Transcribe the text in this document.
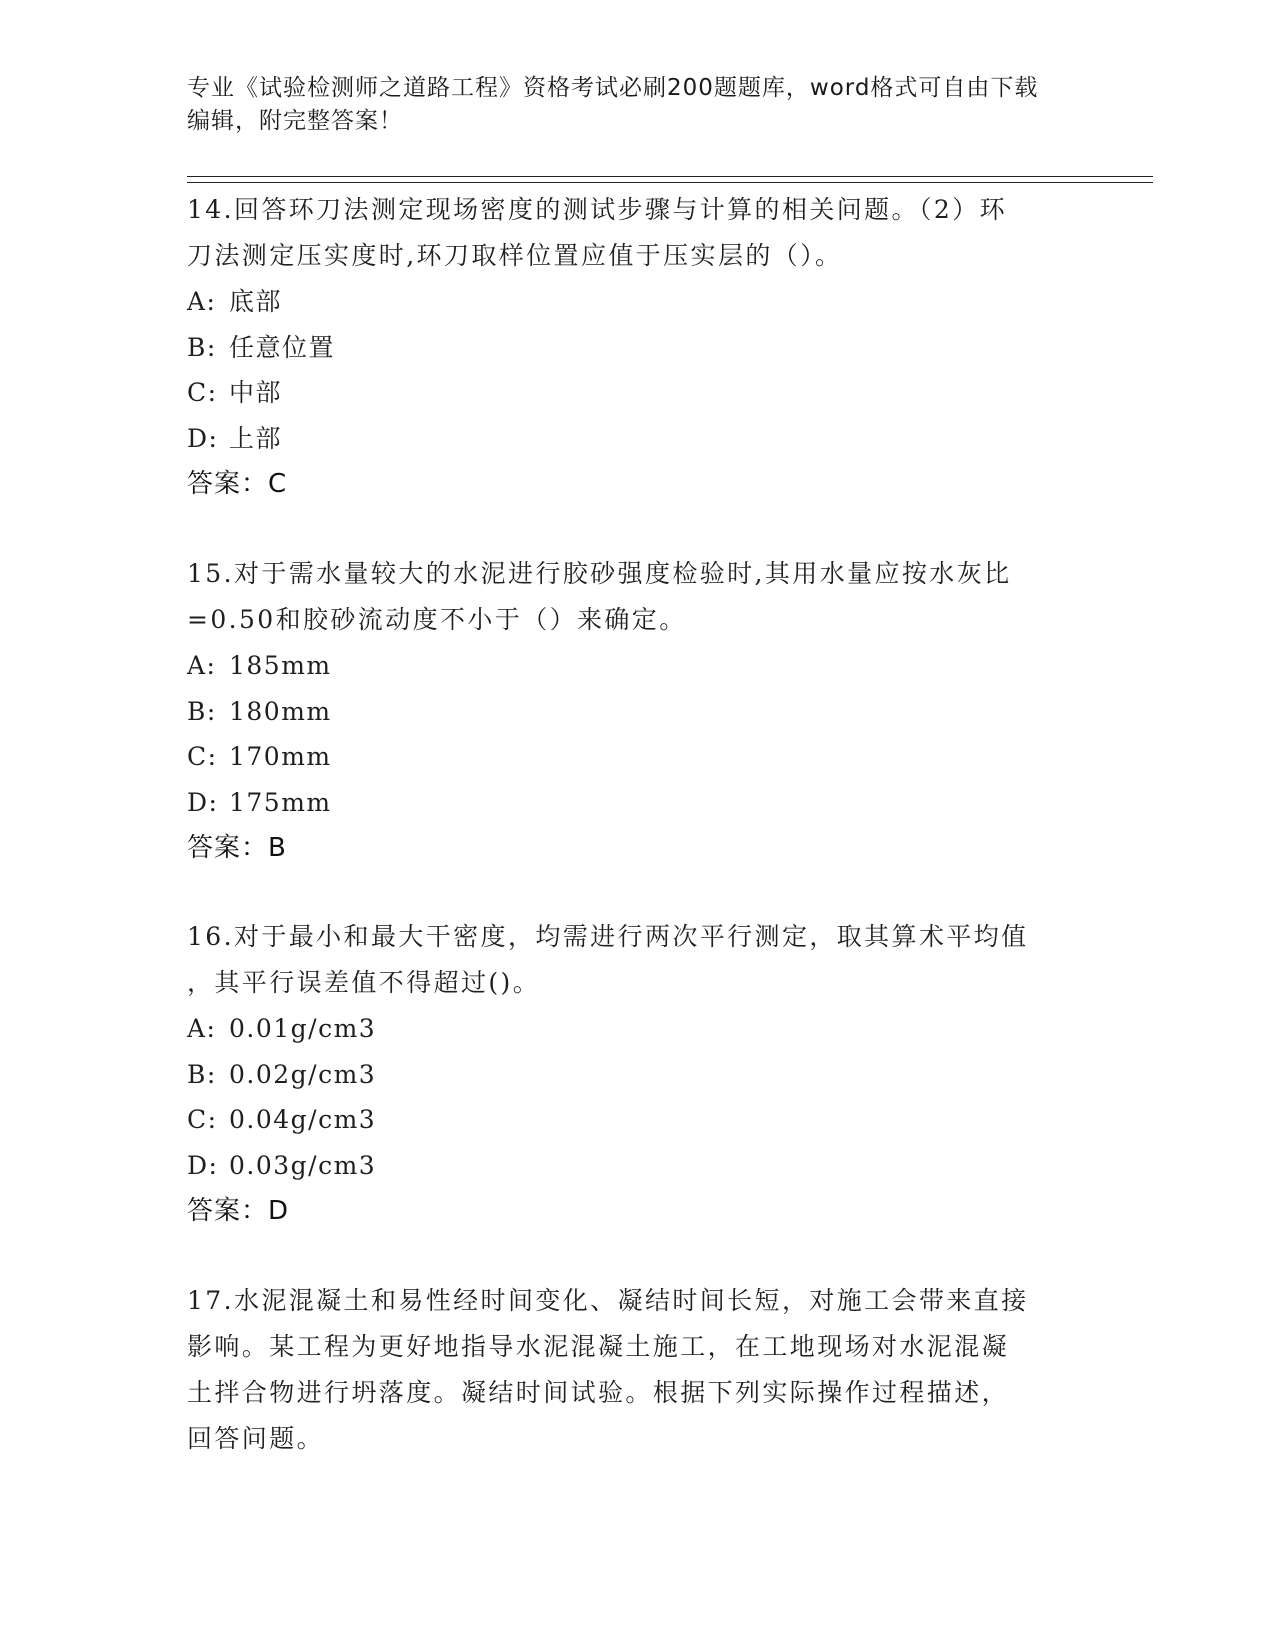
专业《试验检测师之道路工程》资格考试必刷200题题库，word格式可自由下载
编辑，附完整答案！

14.回答环刀法测定现场密度的测试步骤与计算的相关问题。（2）环
刀法测定压实度时,环刀取样位置应值于压实层的（）。

A: 底部
B: 任意位置
C: 中部
D: 上部
答案：C

15.对于需水量较大的水泥进行胶砂强度检验时,其用水量应按水灰比
=0.50和胶砂流动度不小于（）来确定。

A: 185mm
B: 180mm
C: 170mm
D: 175mm
答案：B

16.对于最小和最大干密度，均需进行两次平行测定，取其算术平均值
，其平行误差值不得超过()。

A: 0.01g/cm3
B: 0.02g/cm3
C: 0.04g/cm3
D: 0.03g/cm3
答案：D

17.水泥混凝土和易性经时间变化、凝结时间长短，对施工会带来直接
影响。某工程为更好地指导水泥混凝土施工，在工地现场对水泥混凝
土拌合物进行坍落度。凝结时间试验。根据下列实际操作过程描述，
回答问题。
